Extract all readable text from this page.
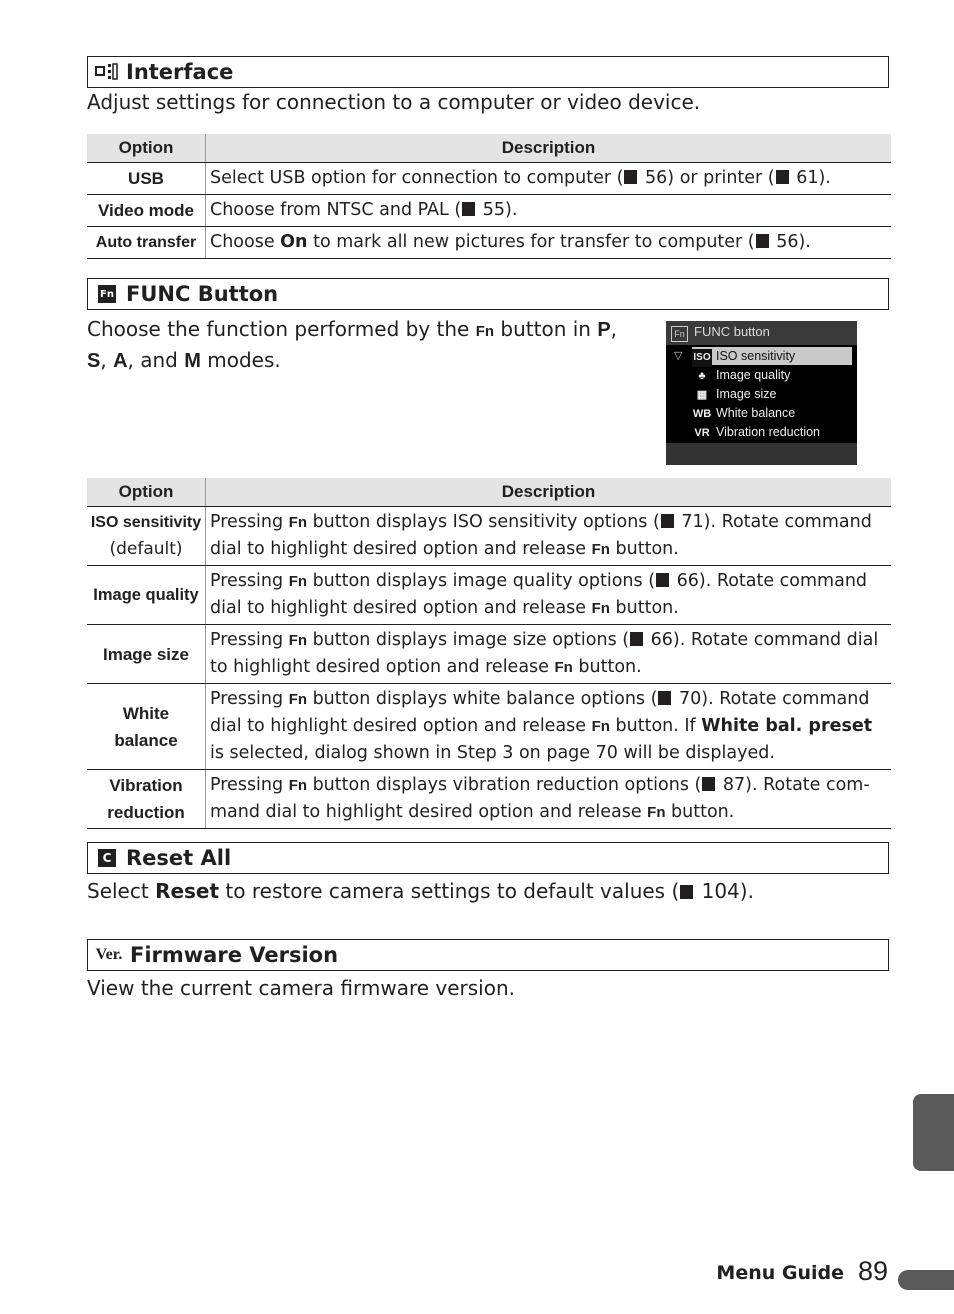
Interface
Adjust settings for connection to a computer or video device.
Option	Description
USB	Select USB option for connection to computer ( 56) or printer ( 61).
Video mode	Choose from NTSC and PAL ( 55).
Auto transfer	Choose On to mark all new pictures for transfer to computer ( 56).
Fn FUNC Button
Choose the function performed by the Fn button in P,
S, A, and M modes.
Fn FUNC button
▽ ISO ISO sensitivity
♣ Image quality
▦ Image size
WB White balance
VR Vibration reduction
Option	Description
ISO sensitivity
(default)	Pressing Fn button displays ISO sensitivity options ( 71). Rotate command dial to highlight desired option and release Fn button.
Image quality	Pressing Fn button displays image quality options ( 66). Rotate command dial to highlight desired option and release Fn button.
Image size	Pressing Fn button displays image size options ( 66). Rotate command dial to highlight desired option and release Fn button.
White
balance	Pressing Fn button displays white balance options ( 70). Rotate command dial to highlight desired option and release Fn button. If White bal. preset is selected, dialog shown in Step 3 on page 70 will be displayed.
Vibration
reduction	Pressing Fn button displays vibration reduction options ( 87). Rotate com-mand dial to highlight desired option and release Fn button.
C Reset All
Select Reset to restore camera settings to default values ( 104).
Ver. Firmware Version
View the current camera firmware version.
Menu Guide 89
